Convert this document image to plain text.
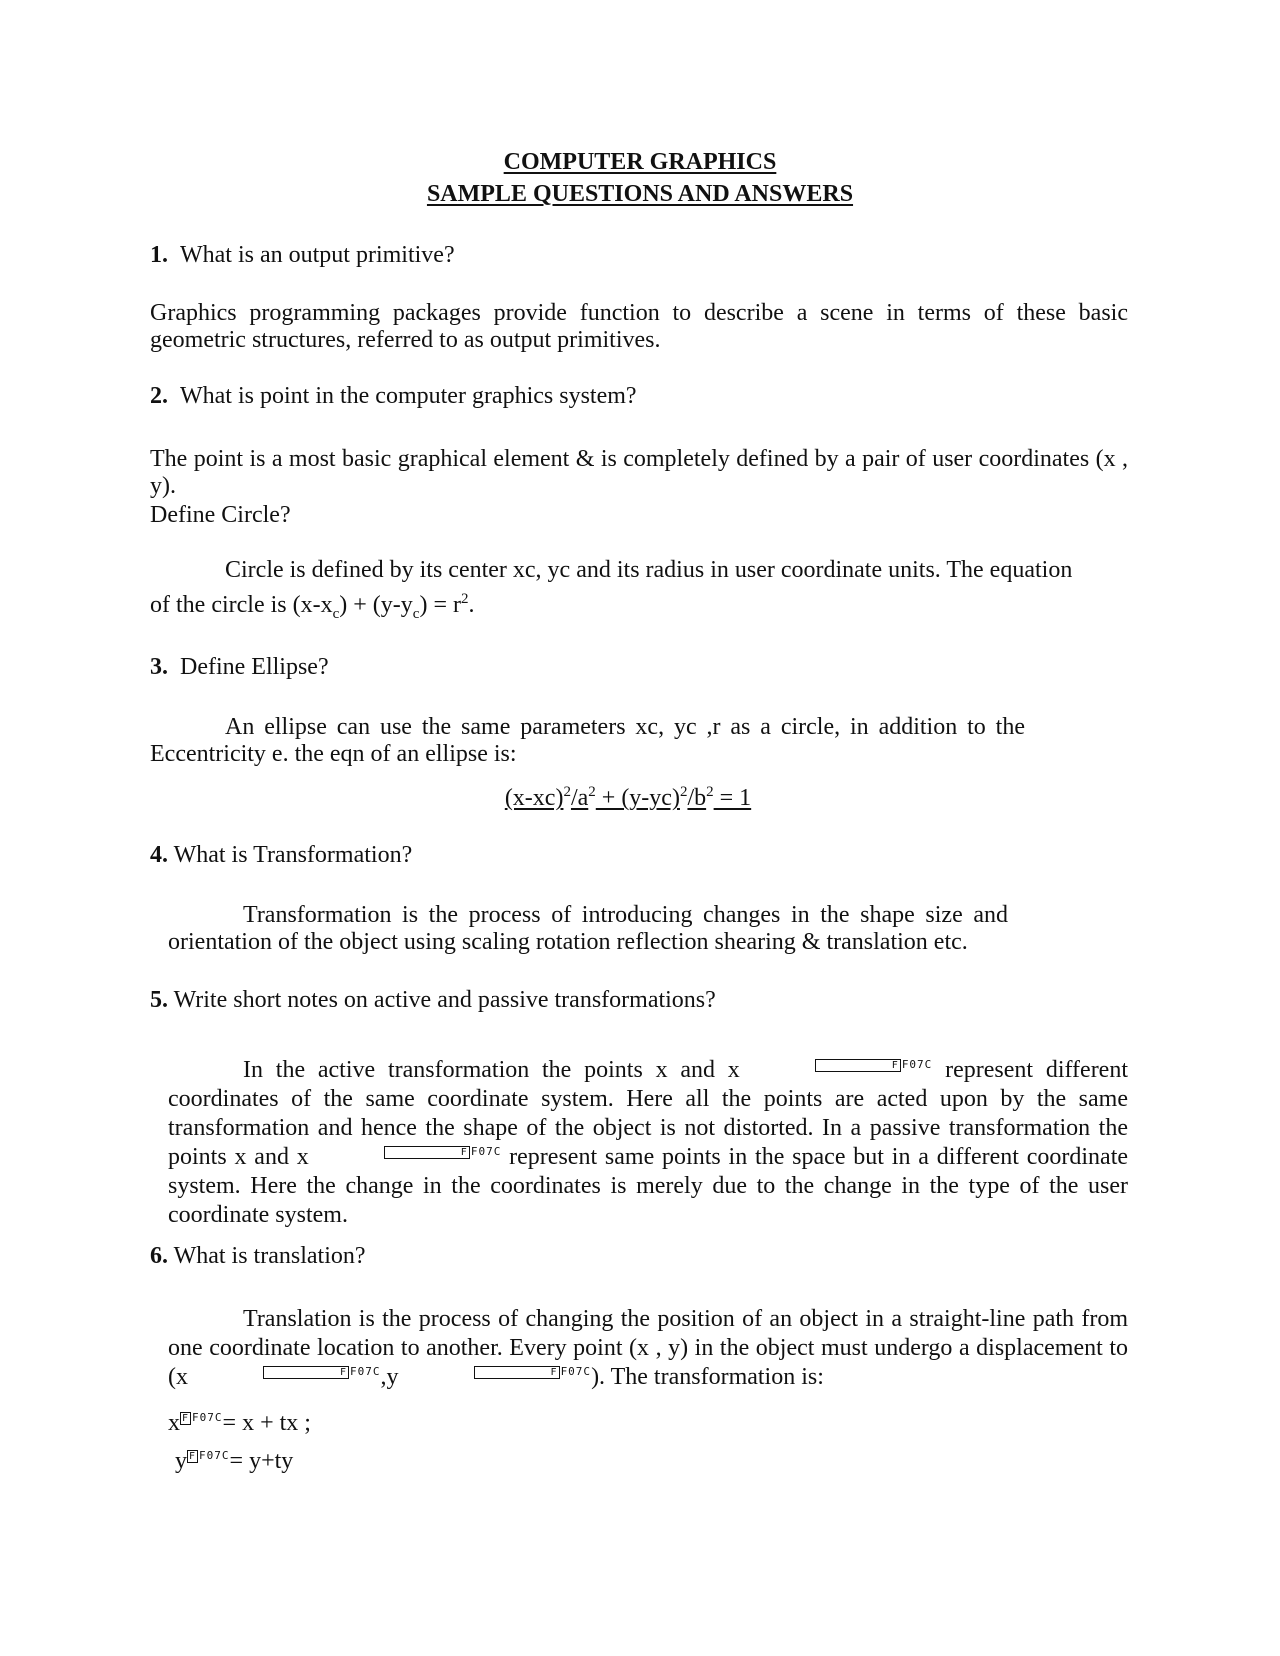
COMPUTER GRAPHICS
SAMPLE QUESTIONS AND ANSWERS
1. What is an output primitive?
Graphics programming packages provide function to describe a scene in terms of these basic geometric structures, referred to as output primitives.
2. What is point in the computer graphics system?
The point is a most basic graphical element & is completely defined by a pair of user coordinates (x , y).
Define Circle?
Circle is defined by its center xc, yc and its radius in user coordinate units. The equation
of the circle is $(x-x_c) + (y-y_c) = r^2$.
3. Define Ellipse?
An ellipse can use the same parameters xc, yc ,r as a circle, in addition to the Eccentricity e. the eqn of an ellipse is:
$(x-xc)^2/a^2 + (y-yc)^2/b^2 = 1$
4. What is Transformation?
Transformation is the process of introducing changes in the shape size and orientation of the object using scaling rotation reflection shearing & translation etc.
5. Write short notes on active and passive transformations?
In the active transformation the points x and x	F F07C represent different coordinates of the same coordinate system. Here all the points are acted upon by the same transformation and hence the shape of the object is not distorted. In a passive transformation the points x and x	F F07C represent same points in the space but in a different coordinate system. Here the change in the coordinates is merely due to the change in the type of the user coordinate system.
6. What is translation?
Translation is the process of changing the position of an object in a straight-line path from one coordinate location to another. Every point (x , y) in the object must undergo a displacement to (x	F F07C,y	F F07C). The transformation is:
x F F07C= x + tx ;
y F F07C= y+ty
